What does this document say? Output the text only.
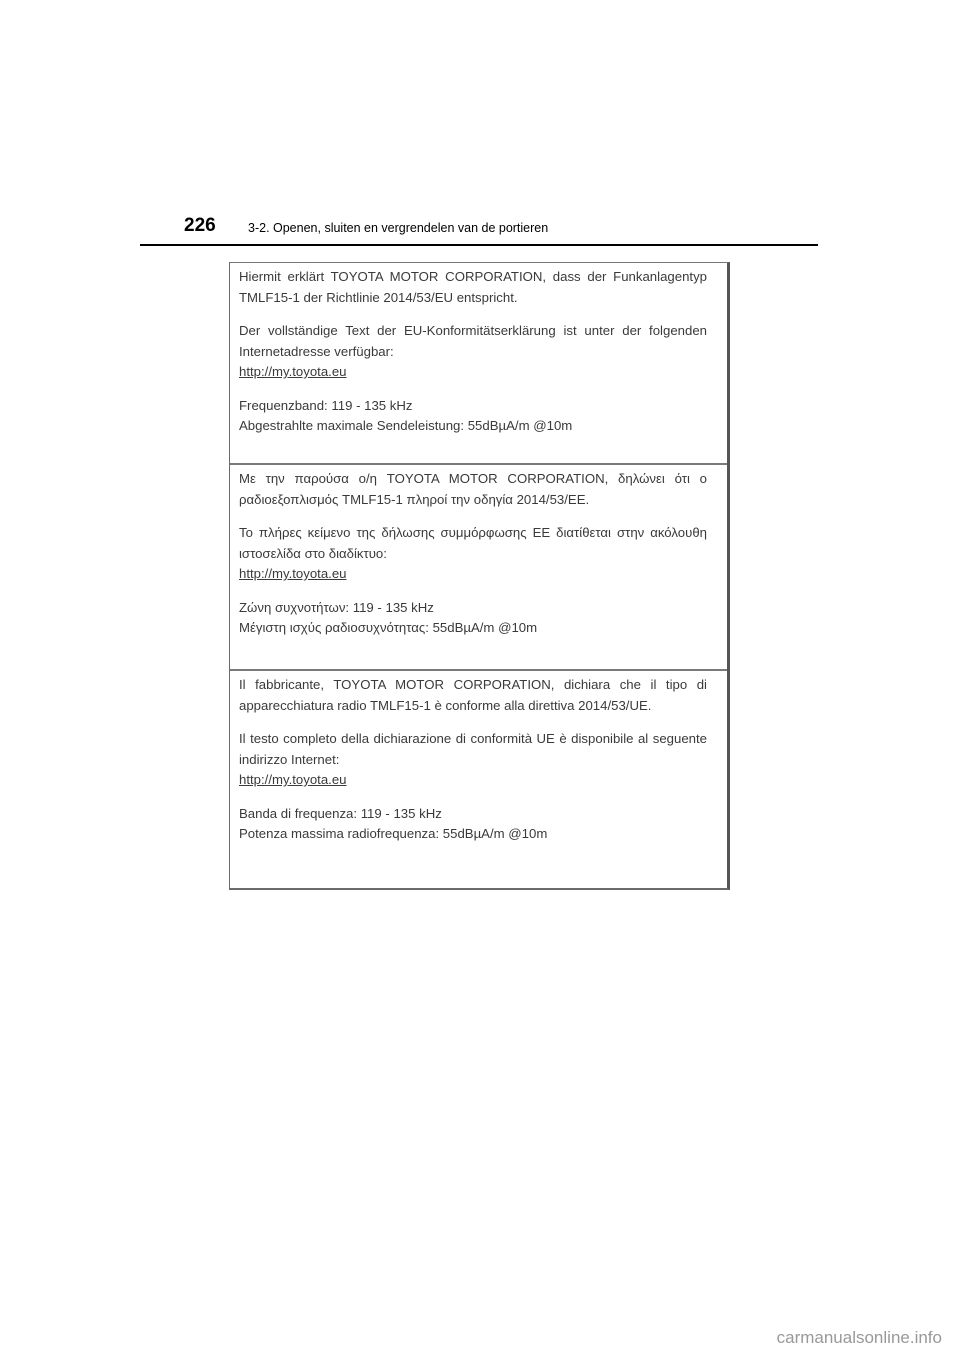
226	3-2. Openen, sluiten en vergrendelen van de portieren

Hiermit erklärt TOYOTA MOTOR CORPORATION, dass der Funkanlagentyp TMLF15-1 der Richtlinie 2014/53/EU entspricht.

Der vollständige Text der EU-Konformitätserklärung ist unter der folgenden Internetadresse verfügbar:

http://my.toyota.eu
Frequenzband: 119 - 135 kHz
Abgestrahlte maximale Sendeleistung: 55dBµA/m @10m

Με την παρούσα ο/η TOYOTA MOTOR CORPORATION, δηλώνει ότι ο ραδιοεξοπλισμός TMLF15-1 πληροί την οδηγία 2014/53/ΕΕ.

Το πλήρες κείμενο της δήλωσης συμμόρφωσης ΕΕ διατίθεται στην ακόλουθη ιστοσελίδα στο διαδίκτυο:

http://my.toyota.eu
Ζώνη συχνοτήτων: 119 - 135 kHz
Μέγιστη ισχύς ραδιοσυχνότητας: 55dBµA/m @10m

Il fabbricante, TOYOTA MOTOR CORPORATION, dichiara che il tipo di apparecchiatura radio TMLF15-1 è conforme alla direttiva 2014/53/UE.

Il testo completo della dichiarazione di conformità UE è disponibile al seguente indirizzo Internet:

http://my.toyota.eu
Banda di frequenza: 119 - 135 kHz
Potenza massima radiofrequenza: 55dBµA/m @10m
carmanualsonline.info
